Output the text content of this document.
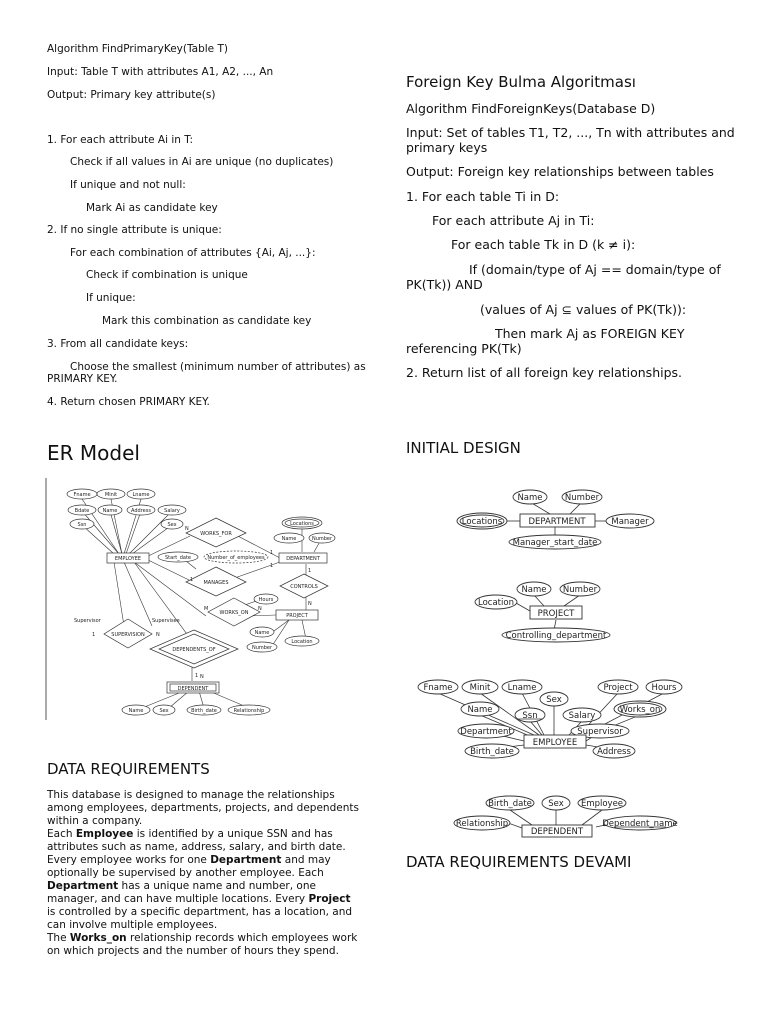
Algorithm FindPrimaryKey(Table T)

Input: Table T with attributes A1, A2, ..., An

Output: Primary key attribute(s)

1. For each attribute Ai in T:

Check if all values in Ai are unique (no duplicates)

If unique and not null:

Mark Ai as candidate key

2. If no single attribute is unique:

For each combination of attributes {Ai, Aj, ...}:

Check if combination is unique

If unique:

Mark this combination as candidate key

3. From all candidate keys:

Choose the smallest (minimum number of attributes) as

PRIMARY KEY.

4. Return chosen PRIMARY KEY.

Foreign Key Bulma Algoritması

Algorithm FindForeignKeys(Database D)

Input: Set of tables T1, T2, ..., Tn with attributes and

primary keys

Output: Foreign key relationships between tables

1. For each table Ti in D:

For each attribute Aj in Ti:

For each table Tk in D (k ≠ i):

If (domain/type of Aj == domain/type of

PK(Tk)) AND

(values of Aj ⊆ values of PK(Tk)):

Then mark Aj as FOREIGN KEY

referencing PK(Tk)

2. Return list of all foreign key relationships.

ER Model	INITIAL DESIGN

DATA REQUIREMENTS

DATA REQUIREMENTS DEVAMI

Fname	Minit	Lname
Bdate	Name	Address	Salary
Ssn	Sex	Locations
Name	Number
Start_date	Number_of_employees
Hours
Name
Location
Number
Name	Sex	Birth_date	Relationship
EMPLOYEE	DEPARTMENT
PROJECT
DEPENDENT
WORKS_FOR
MANAGES
CONTROLS
WORKS_ON
SUPERVISION
DEPENDENTS_OF
N
1
1
1
1
N
M	N
1 N
Supervisor	Supervisee
1	N
Name	Number
Locations	Manager
Manager_start_date
DEPARTMENT
Name Number
Location
Controlling_department
PROJECT
Fname Minit Lname	Project Hours
Sex
Name
Ssn	Salary
Works_on
Department	Supervisor
Birth_date	Address
EMPLOYEE
Birth_date Sex Employee
Relationship	Dependent_name
DEPENDENT

This database is designed to manage the relationships among employees, departments, projects, and dependents within a company.

Each Employee is identified by a unique SSN and has attributes such as name, address, salary, and birth date. Every employee works for one Department and may optionally be supervised by another employee. Each Department has a unique name and number, one manager, and can have multiple locations. Every Project is controlled by a specific department, has a location, and can involve multiple employees.

The Works_on relationship records which employees work on which projects and the number of hours they spend.
